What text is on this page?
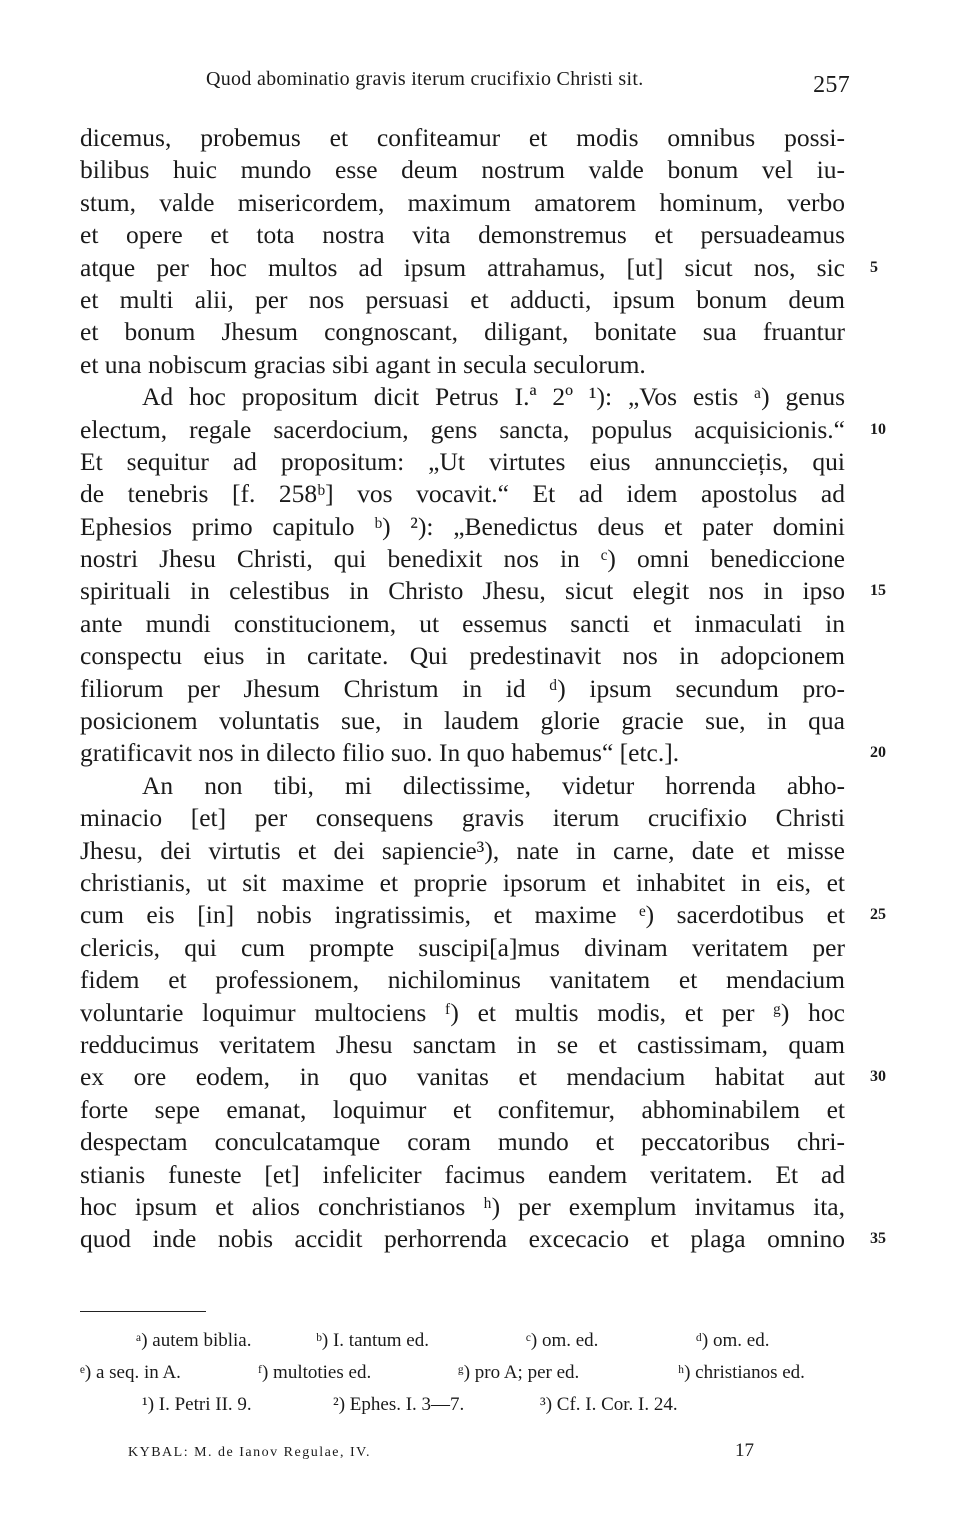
Quod abominatio gravis iterum crucifixio Christi sit.	257
dicemus, probemus et confiteamur et modis omnibus possi-
bilibus huic mundo esse deum nostrum valde bonum vel iu-
stum, valde misericordem, maximum amatorem hominum, verbo
et opere et tota nostra vita demonstremus et persuadeamus
atque per hoc multos ad ipsum attrahamus, [ut] sicut nos, sic 5
et multi alii, per nos persuasi et adducti, ipsum bonum deum
et bonum Jhesum congnoscant, diligant, bonitate sua fruantur
et una nobiscum gracias sibi agant in secula seculorum.
Ad hoc propositum dicit Petrus I.ª 2º ¹): „Vos estis ᵃ) genus
electum, regale sacerdocium, gens sancta, populus acquisicionis.“ 10
Et sequitur ad propositum: „Ut virtutes eius annuncciețis, qui
de tenebris [f. 258ᵇ] vos vocavit.“ Et ad idem apostolus ad
Ephesios primo capitulo ᵇ) ²): „Benedictus deus et pater domini
nostri Jhesu Christi, qui benedixit nos in ᶜ) omni benediccione
spirituali in celestibus in Christo Jhesu, sicut elegit nos in ipso 15
ante mundi constitucionem, ut essemus sancti et inmaculati in
conspectu eius in caritate. Qui predestinavit nos in adopcionem
filiorum per Jhesum Christum in id ᵈ) ipsum secundum pro-
posicionem voluntatis sue, in laudem glorie gracie sue, in qua
gratificavit nos in dilecto filio suo. In quo habemus“ [etc.].	20
An non tibi, mi dilectissime, videtur horrenda abho-
minacio [et] per consequens gravis iterum crucifixio Christi
Jhesu, dei virtutis et dei sapiencie³), nate in carne, date et misse
christianis, ut sit maxime et proprie ipsorum et inhabitet in eis, et
cum eis [in] nobis ingratissimis, et maxime ᵉ) sacerdotibus et 25
clericis, qui cum prompte suscipi[a]mus divinam veritatem per
fidem et professionem, nichilominus vanitatem et mendacium
voluntarie loquimur multociens ᶠ) et multis modis, et per ᵍ) hoc
redducimus veritatem Jhesu sanctam in se et castissimam, quam
ex ore eodem, in quo vanitas et mendacium habitat aut 30
forte sepe emanat, loquimur et confitemur, abhominabilem et
despectam conculcatamque coram mundo et peccatoribus chri-
stianis funeste [et] infeliciter facimus eandem veritatem. Et ad
hoc ipsum et alios conchristianos ʰ) per exemplum invitamus ita,
quod inde nobis accidit perhorrenda excecacio et plaga omnino 35
ᵃ) autem biblia.	ᵇ) I. tantum ed.	ᶜ) om. ed.	ᵈ) om. ed.
ᵉ) a seq. in A.	ᶠ) multoties ed.	ᵍ) pro A; per ed.	ʰ) christianos ed.
¹) I. Petri II. 9.	²) Ephes. I. 3—7.	³) Cf. I. Cor. I. 24.
KYBAL: M. de Ianov Regulae, IV.	17
